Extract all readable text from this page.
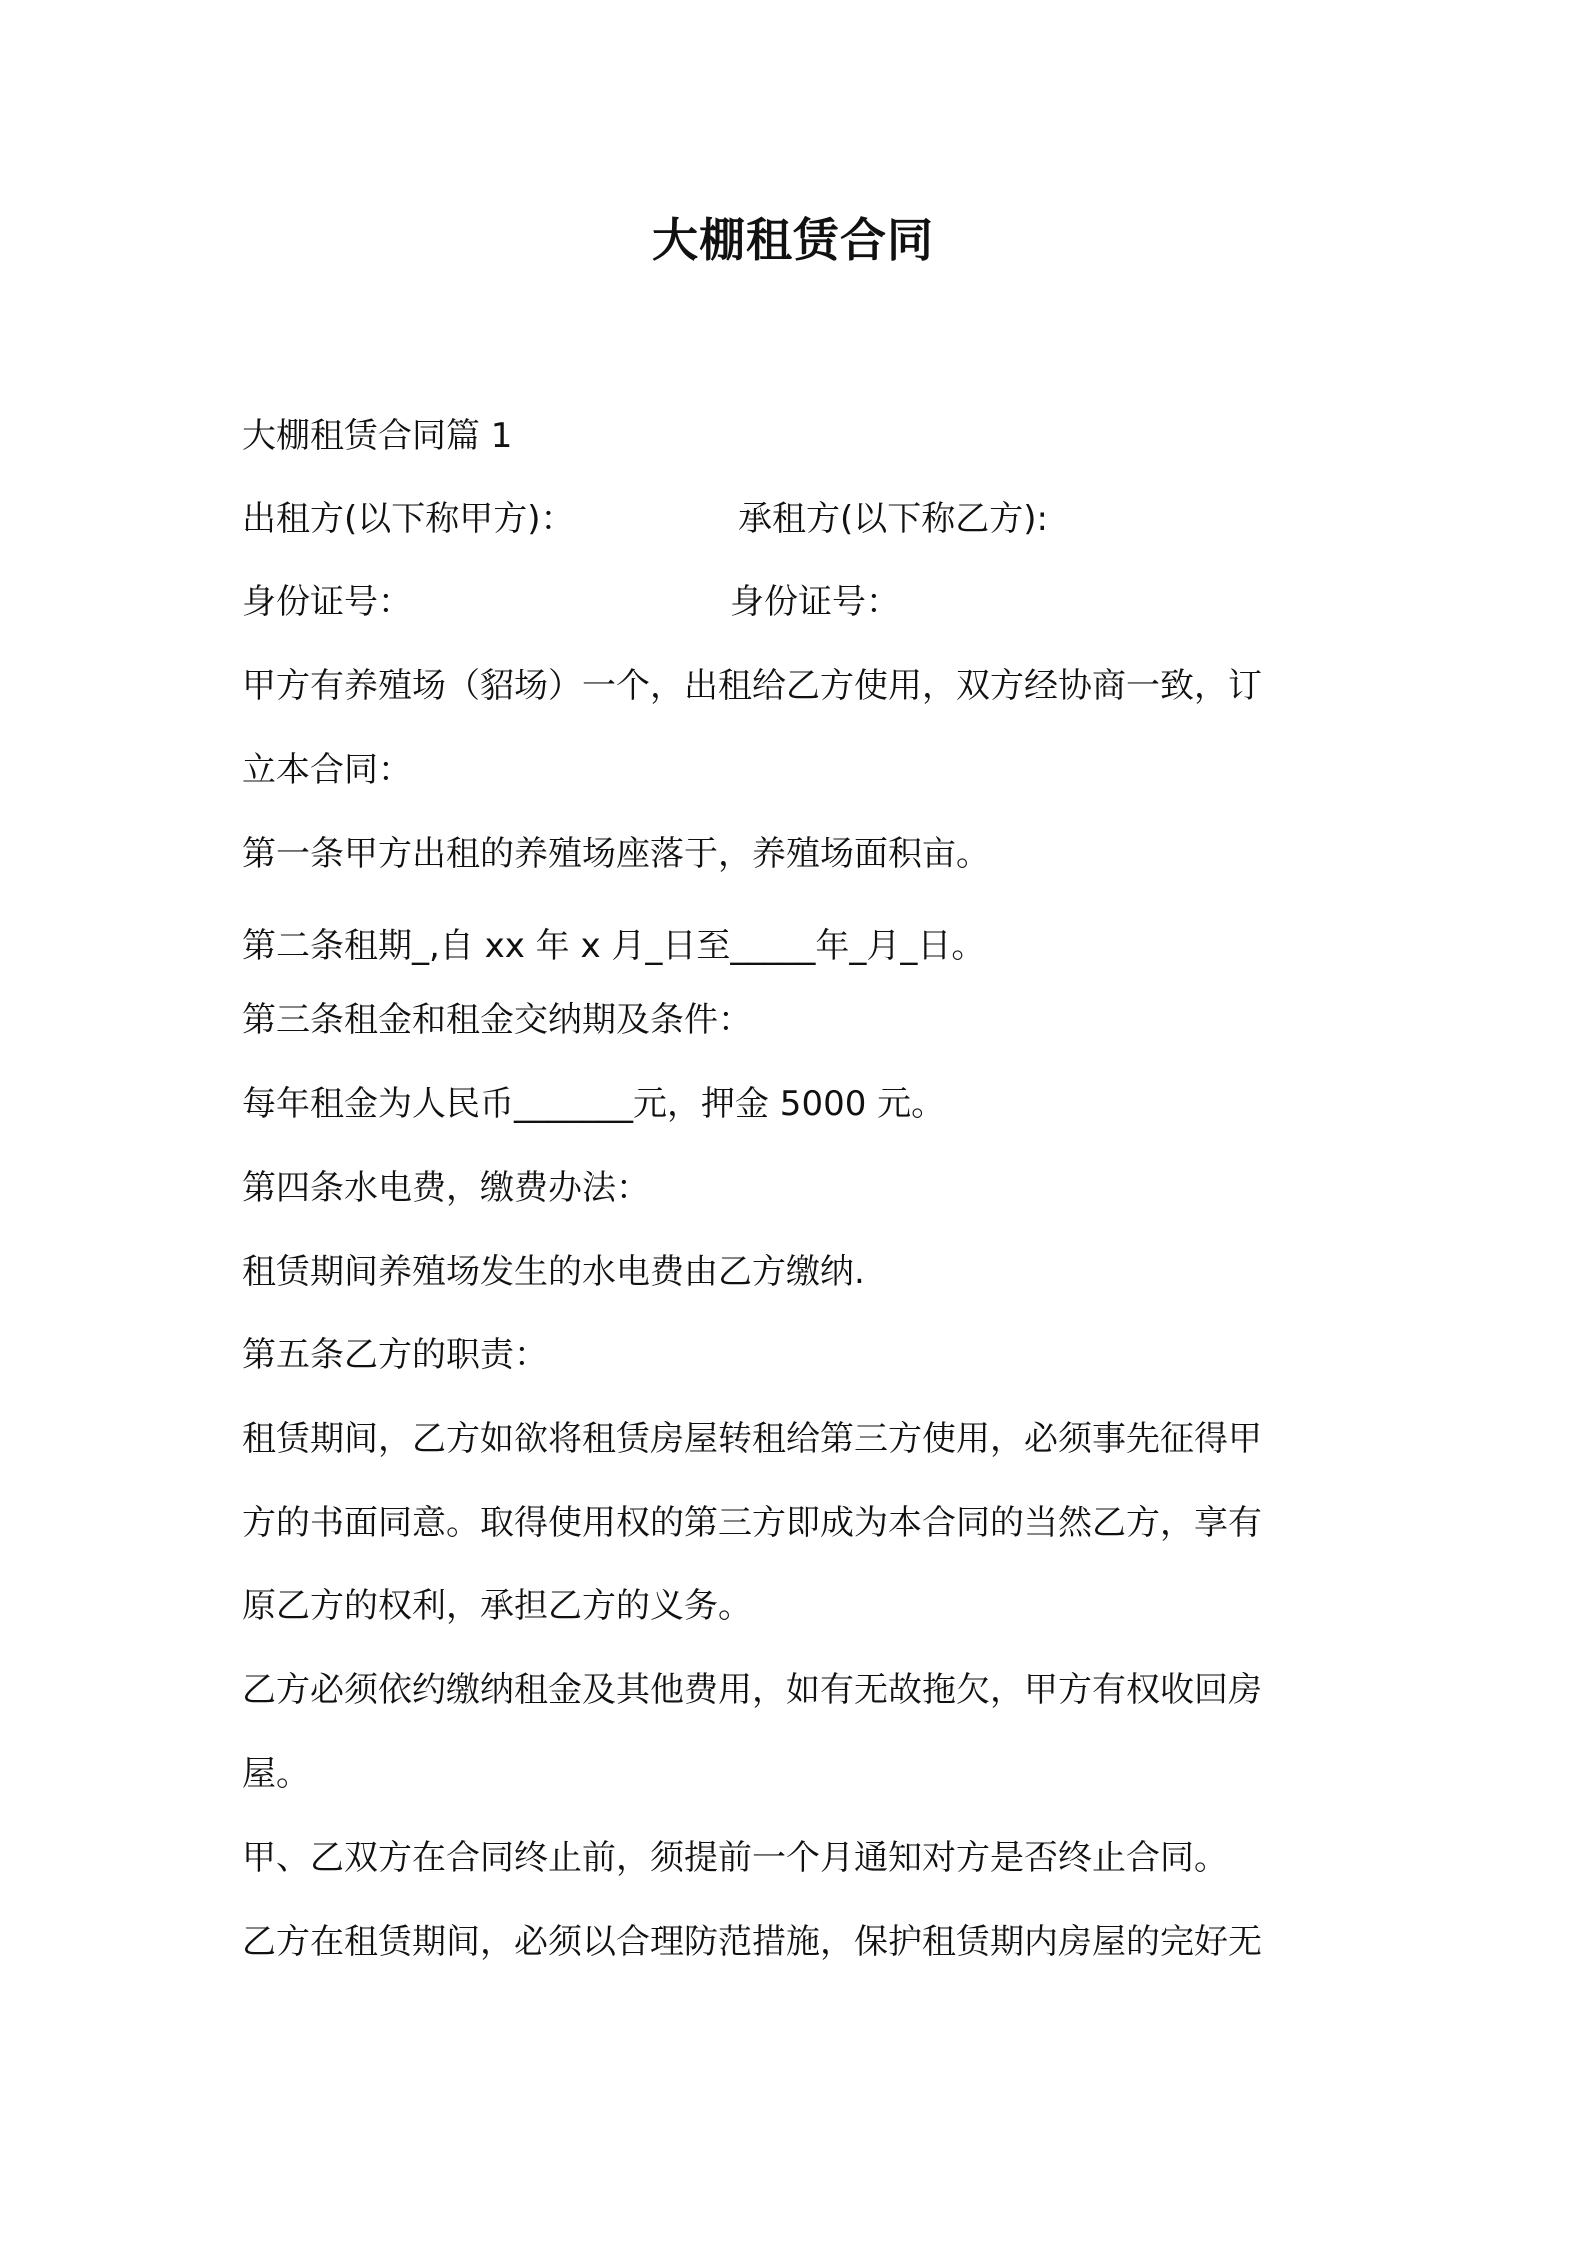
大棚租赁合同
大棚租赁合同篇 1
出租方(以下称甲方)：	承租方(以下称乙方):
身份证号：	身份证号：
甲方有养殖场（貂场）一个，出租给乙方使用，双方经协商一致，订
立本合同：
第一条甲方出租的养殖场座落于，养殖场面积亩。
第二条租期_,自 xx 年 x 月_日至_____年_月_日。
第三条租金和租金交纳期及条件：
每年租金为人民币_______元，押金 5000 元。
第四条水电费，缴费办法：
租赁期间养殖场发生的水电费由乙方缴纳.
第五条乙方的职责：
租赁期间，乙方如欲将租赁房屋转租给第三方使用，必须事先征得甲
方的书面同意。取得使用权的第三方即成为本合同的当然乙方，享有
原乙方的权利，承担乙方的义务。
乙方必须依约缴纳租金及其他费用，如有无故拖欠，甲方有权收回房
屋。
甲、乙双方在合同终止前，须提前一个月通知对方是否终止合同。
乙方在租赁期间，必须以合理防范措施，保护租赁期内房屋的完好无
